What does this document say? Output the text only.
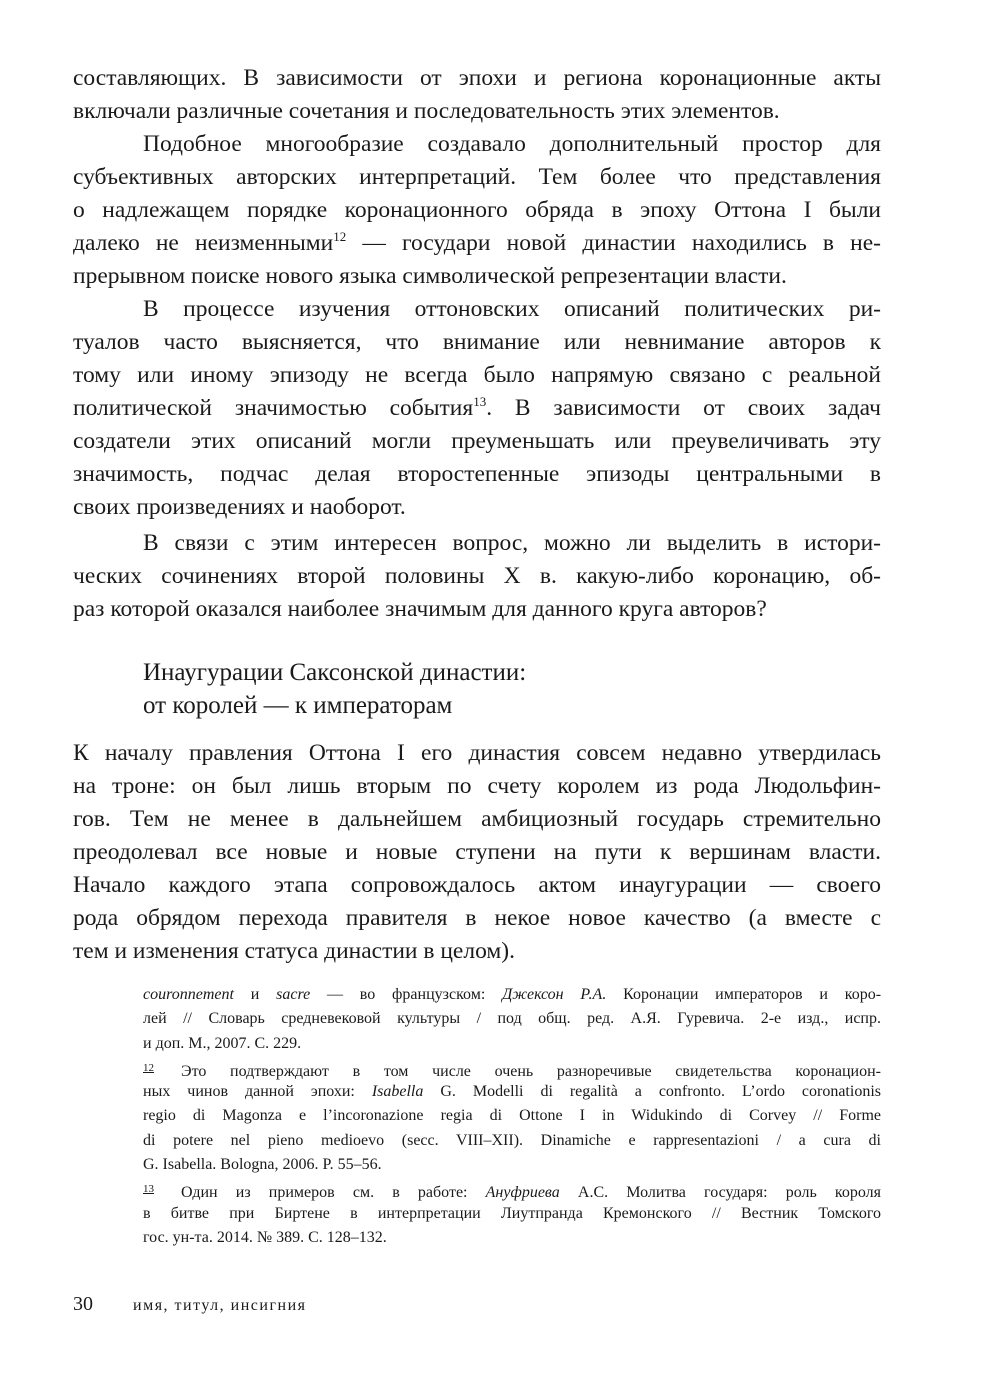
составляющих. В зависимости от эпохи и региона коронационные акты
включали различные сочетания и последовательность этих элементов.
Подобное многообразие создавало дополнительный простор для
субъективных авторских интерпретаций. Тем более что представления
о надлежащем порядке коронационного обряда в эпоху Оттона I были
далеко не неизменными$^{12}$ — государи новой династии находились в не-
прерывном поиске нового языка символической репрезентации власти.
В процессе изучения оттоновских описаний политических ри-
туалов часто выясняется, что внимание или невнимание авторов к
тому или иному эпизоду не всегда было напрямую связано с реальной
политической значимостью события$^{13}$. В зависимости от своих задач
создатели этих описаний могли преуменьшать или преувеличивать эту
значимость, подчас делая второстепенные эпизоды центральными в
своих произведениях и наоборот.
В связи с этим интересен вопрос, можно ли выделить в истори-
ческих сочинениях второй половины X в. какую-либо коронацию, об-
раз которой оказался наиболее значимым для данного круга авторов?
Инаугурации Саксонской династии:
от королей — к императорам
К началу правления Оттона I его династия совсем недавно утвердилась
на троне: он был лишь вторым по счету королем из рода Людольфин-
гов. Тем не менее в дальнейшем амбициозный государь стремительно
преодолевал все новые и новые ступени на пути к вершинам власти.
Начало каждого этапа сопровождалось актом инаугурации — своего
рода обрядом перехода правителя в некое новое качество (а вместе с
тем и изменения статуса династии в целом).
couronnement и sacre — во французском: Джексон Р.А. Коронации императоров и коро-
лей // Словарь средневековой культуры / под общ. ред. А.Я. Гуревича. 2-е изд., испр.
и доп. М., 2007. С. 229.
12 Это подтверждают в том числе очень разноречивые свидетельства коронацион-
ных чинов данной эпохи: Isabella G. Modelli di regalità a confronto. L’ordo coronationis
regio di Magonza e l’incoronazione regia di Ottone I in Widukindo di Corvey // Forme
di potere nel pieno medioevo (secc. VIII–XII). Dinamiche e rappresentazioni / a cura di
G. Isabella. Bologna, 2006. P. 55–56.
13 Один из примеров см. в работе: Ануфриева А.С. Молитва государя: роль короля
в битве при Биртене в интерпретации Лиутпранда Кремонского // Вестник Томского
гос. ун-та. 2014. № 389. С. 128–132.
30	имя, титул, инсигния
